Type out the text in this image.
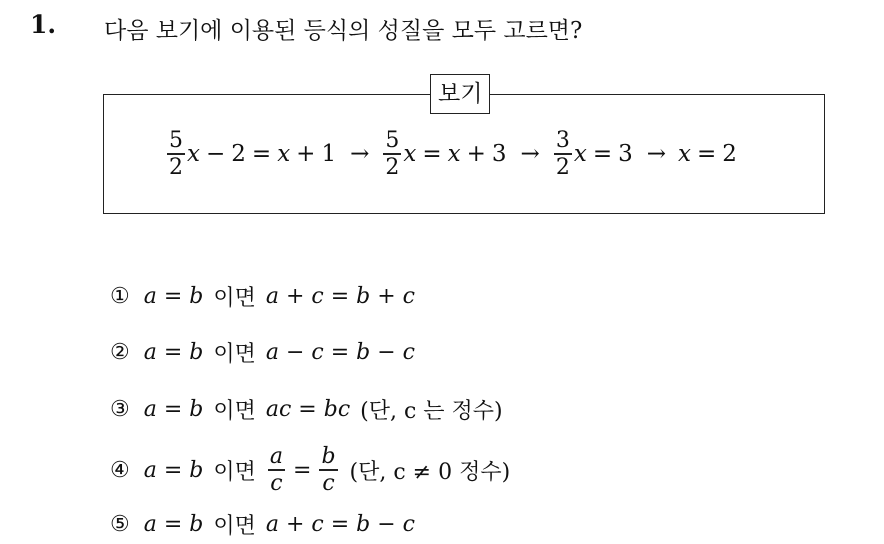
1. 다음 보기에 이용된 등식의 성질을 모두 고르면?
보기
$\frac{5}{2}$ $x - 2 = x + 1 \to \frac{5}{2}$ $x = x + 3 \to \frac{3}{2}$ x = 3 → x = 2
① a = b 이면 a + c = b + c
② a = b 이면 a − c = b − c
③ a = b 이면 ac = bc (단, c 는 정수)
④ a = b 이면 $\frac{a}{c} = \frac{b}{c}$ (단, c ≠ 0 정수)
⑤ a = b 이면 a + c = b − c
